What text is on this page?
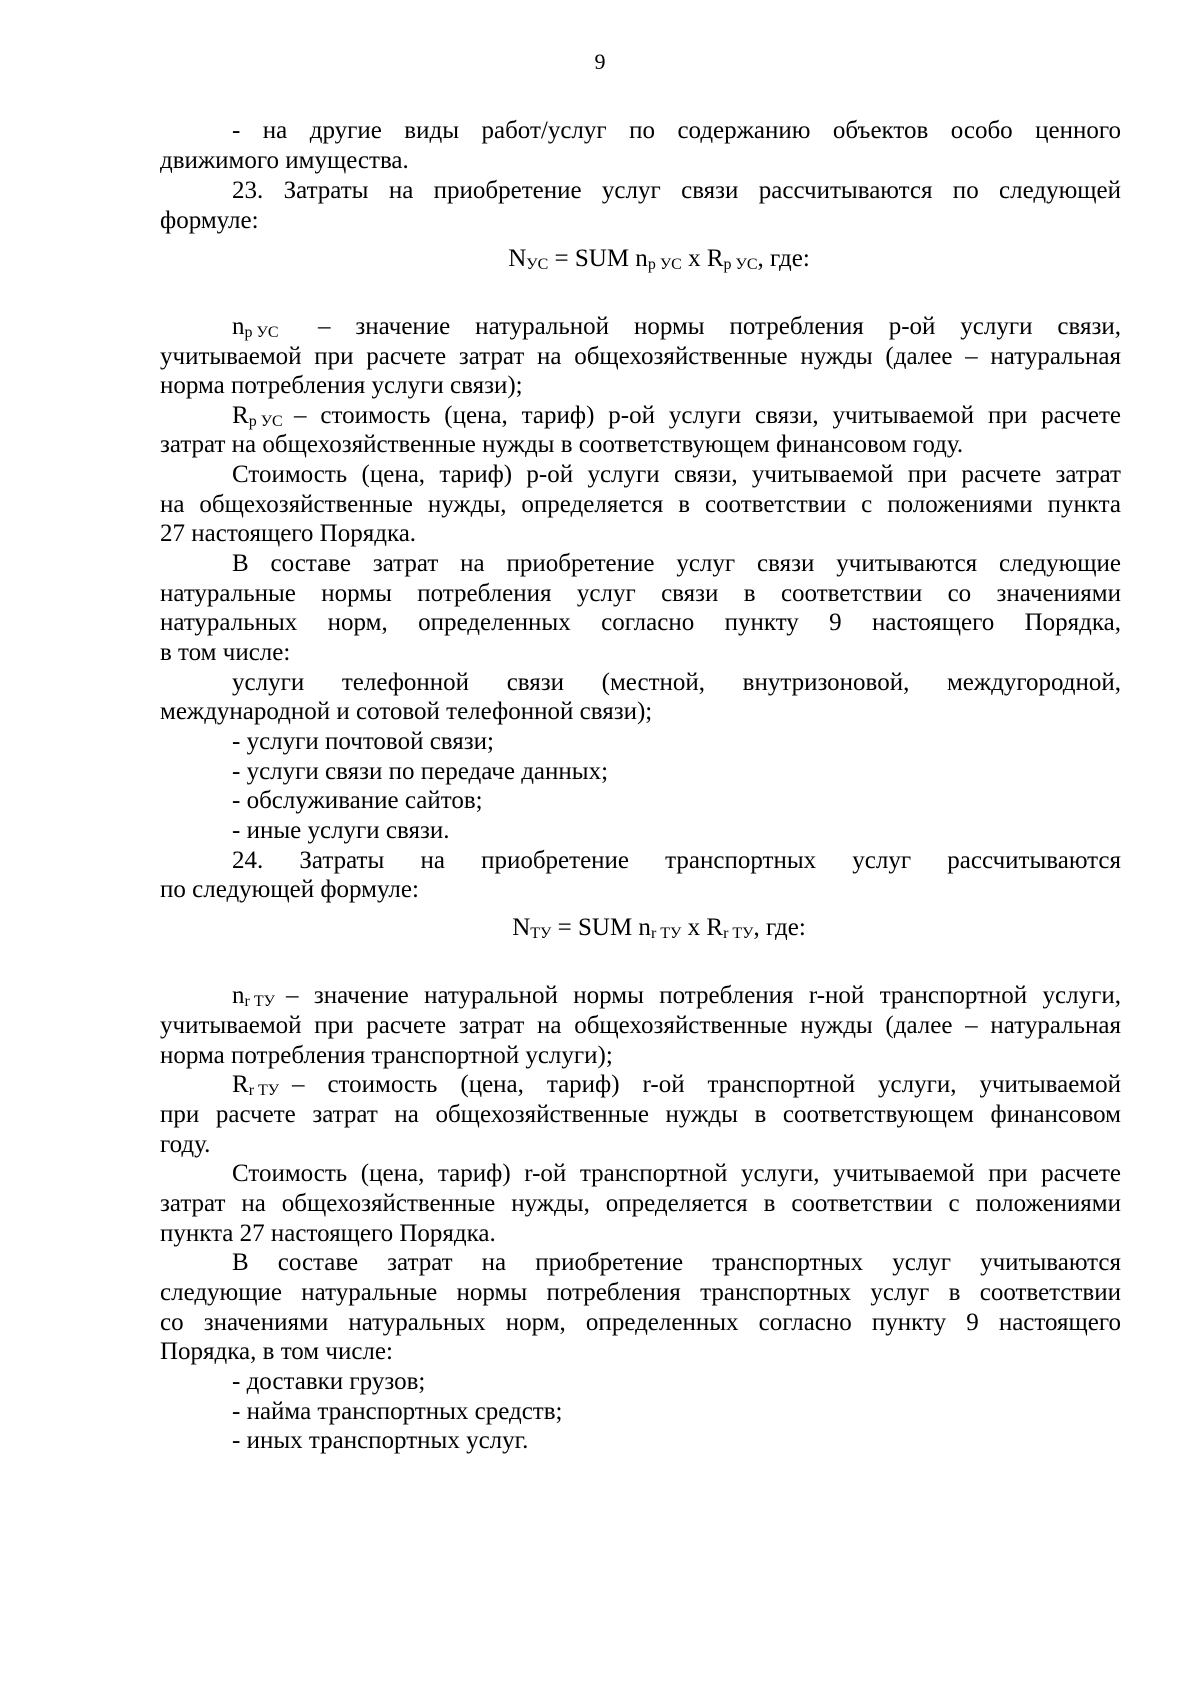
9
- на другие виды работ/услуг по содержанию объектов особо ценного
движимого имущества.
23. Затраты на приобретение услуг связи рассчитываются по следующей
формуле:
– значение натуральной нормы потребления p-ой услуги связи,
учитываемой при расчете затрат на общехозяйственные нужды (далее – натуральная
норма потребления услуги связи);
– стоимость (цена, тариф) p-ой услуги связи, учитываемой при расчете
затрат на общехозяйственные нужды в соответствующем финансовом году.
Стоимость (цена, тариф) p-ой услуги связи, учитываемой при расчете затрат
на общехозяйственные нужды, определяется в соответствии с положениями пункта
27 настоящего Порядка.
В составе затрат на приобретение услуг связи учитываются следующие
натуральные нормы потребления услуг связи в соответствии со значениями
натуральных норм, определенных согласно пункту 9 настоящего Порядка,
в том числе:
услуги телефонной связи (местной, внутризоновой, междугородной,
международной и сотовой телефонной связи);
- услуги почтовой связи;
- услуги связи по передаче данных;
- обслуживание сайтов;
- иные услуги связи.
24. Затраты на приобретение транспортных услуг рассчитываются
по следующей формуле:
– значение натуральной нормы потребления r-ной транспортной услуги,
учитываемой при расчете затрат на общехозяйственные нужды (далее – натуральная
норма потребления транспортной услуги);
– стоимость (цена, тариф) r-ой транспортной услуги, учитываемой
при расчете затрат на общехозяйственные нужды в соответствующем финансовом
году.
Стоимость (цена, тариф) r-ой транспортной услуги, учитываемой при расчете
затрат на общехозяйственные нужды, определяется в соответствии с положениями
пункта 27 настоящего Порядка.
В составе затрат на приобретение транспортных услуг учитываются
следующие натуральные нормы потребления транспортных услуг в соответствии
со значениями натуральных норм, определенных согласно пункту 9 настоящего
Порядка, в том числе:
- доставки грузов;
- найма транспортных средств;
- иных транспортных услуг.
$N_{УС}$ = SUM $n_{p УС}$ x $R_{p УС}$, где:
$n_{p УС}$
$R_{p УС}$
$N_{ТУ}$ = SUM $n_{r ТУ}$ x $R_{r ТУ}$, где:
$n_{r ТУ}$
$R_{r ТУ}$
